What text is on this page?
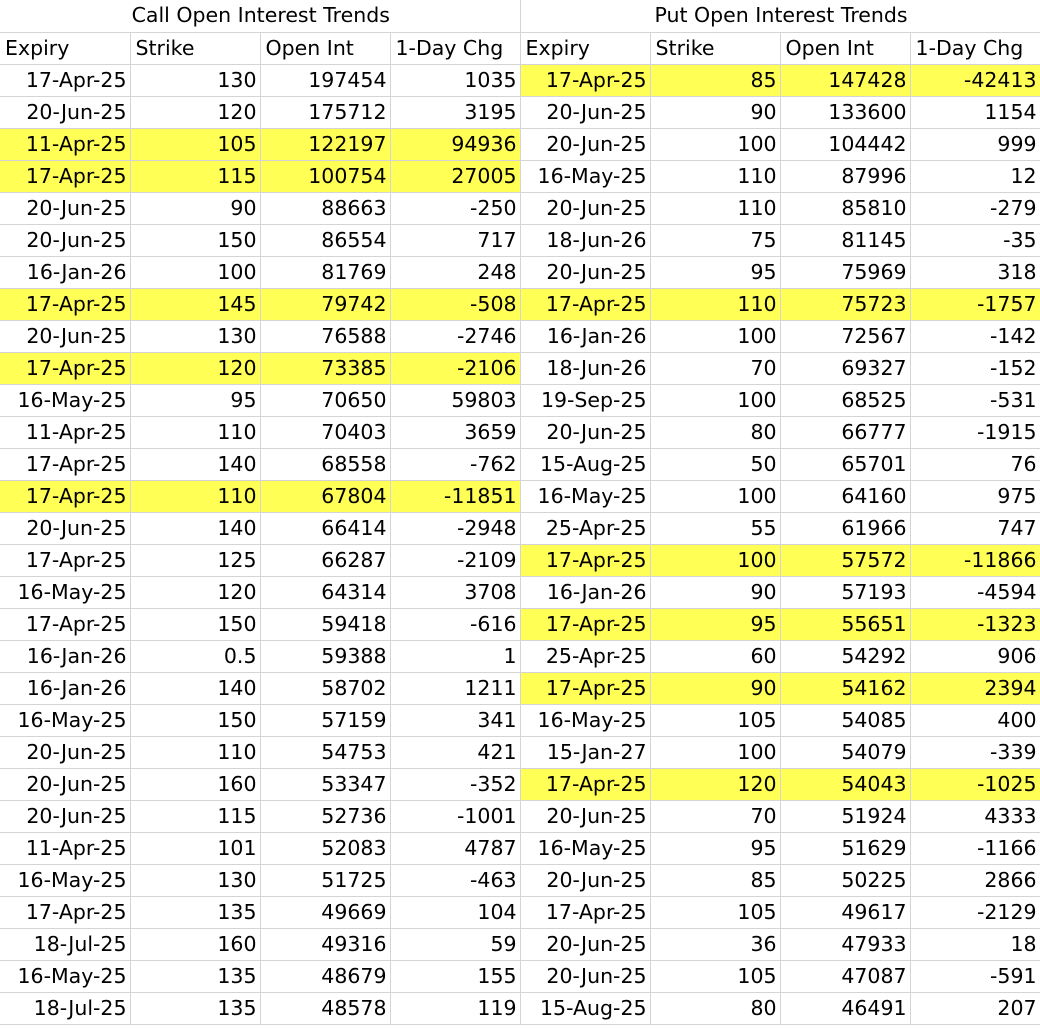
Call Open Interest Trends				Put Open Interest Trends			
Expiry	Strike	Open Int	1-Day Chg	Expiry	Strike	Open Int	1-Day Chg
17-Apr-25	130	197454	1035	17-Apr-25	85	147428	-42413
20-Jun-25	120	175712	3195	20-Jun-25	90	133600	1154
11-Apr-25	105	122197	94936	20-Jun-25	100	104442	999
17-Apr-25	115	100754	27005	16-May-25	110	87996	12
20-Jun-25	90	88663	-250	20-Jun-25	110	85810	-279
20-Jun-25	150	86554	717	18-Jun-26	75	81145	-35
16-Jan-26	100	81769	248	20-Jun-25	95	75969	318
17-Apr-25	145	79742	-508	17-Apr-25	110	75723	-1757
20-Jun-25	130	76588	-2746	16-Jan-26	100	72567	-142
17-Apr-25	120	73385	-2106	18-Jun-26	70	69327	-152
16-May-25	95	70650	59803	19-Sep-25	100	68525	-531
11-Apr-25	110	70403	3659	20-Jun-25	80	66777	-1915
17-Apr-25	140	68558	-762	15-Aug-25	50	65701	76
17-Apr-25	110	67804	-11851	16-May-25	100	64160	975
20-Jun-25	140	66414	-2948	25-Apr-25	55	61966	747
17-Apr-25	125	66287	-2109	17-Apr-25	100	57572	-11866
16-May-25	120	64314	3708	16-Jan-26	90	57193	-4594
17-Apr-25	150	59418	-616	17-Apr-25	95	55651	-1323
16-Jan-26	0.5	59388	1	25-Apr-25	60	54292	906
16-Jan-26	140	58702	1211	17-Apr-25	90	54162	2394
16-May-25	150	57159	341	16-May-25	105	54085	400
20-Jun-25	110	54753	421	15-Jan-27	100	54079	-339
20-Jun-25	160	53347	-352	17-Apr-25	120	54043	-1025
20-Jun-25	115	52736	-1001	20-Jun-25	70	51924	4333
11-Apr-25	101	52083	4787	16-May-25	95	51629	-1166
16-May-25	130	51725	-463	20-Jun-25	85	50225	2866
17-Apr-25	135	49669	104	17-Apr-25	105	49617	-2129
18-Jul-25	160	49316	59	20-Jun-25	36	47933	18
16-May-25	135	48679	155	20-Jun-25	105	47087	-591
18-Jul-25	135	48578	119	15-Aug-25	80	46491	207
